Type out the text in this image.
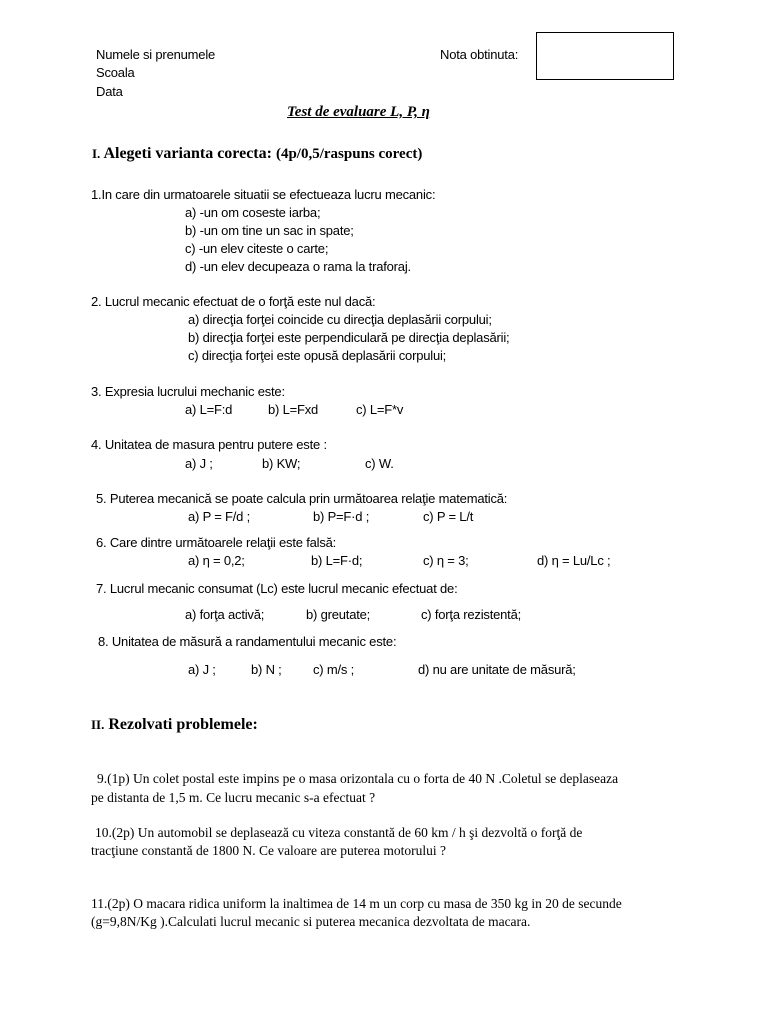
Numele si prenumele
Scoala
Data
Nota obtinuta:
Test de evaluare L, P, η
I. Alegeti varianta corecta: (4p/0,5/raspuns corect)
1.In care din urmatoarele situatii se efectueaza lucru mecanic:
a) -un om coseste iarba;
b) -un om tine un sac in spate;
c) -un elev citeste o carte;
d) -un elev decupeaza o rama la traforaj.
2. Lucrul mecanic efectuat de o forţă este nul dacă:
a) direcţia forţei coincide cu direcţia deplasării corpului;
b) direcţia forţei este perpendiculară pe direcţia deplasării;
c) direcţia forţei este opusă deplasării corpului;
3. Expresia lucrului mechanic este:
a) L=F:d	b) L=Fxd	c) L=F*v
4. Unitatea de masura pentru putere este :
a) J ;	b) KW;	c) W.
5. Puterea mecanică se poate calcula prin următoarea relaţie matematică:
a) P = F/d ;	b) P=F·d ;	c) P = L/t
6. Care dintre următoarele relaţii este falsă:
a) η = 0,2;	b) L=F·d;	c) η = 3;	d) η = Lu/Lc ;
7. Lucrul mecanic consumat (Lc) este lucrul mecanic efectuat de:
a) forţa activă;	b) greutate;	c) forţa rezistentă;
8. Unitatea de măsură a randamentului mecanic este:
a) J ;	b) N ; c) m/s ;	d) nu are unitate de măsură;
II. Rezolvati problemele:
9.(1p) Un colet postal este impins pe o masa orizontala cu o forta de 40 N .Coletul se deplaseaza
pe distanta de 1,5 m. Ce lucru mecanic s-a efectuat ?
10.(2p) Un automobil se deplasează cu viteza constantă de 60 km / h şi dezvoltă o forţă de
tracţiune constantă de 1800 N. Ce valoare are puterea motorului ?
11.(2p) O macara ridica uniform la inaltimea de 14 m un corp cu masa de 350 kg in 20 de secunde
(g=9,8N/Kg ).Calculati lucrul mecanic si puterea mecanica dezvoltata de macara.
